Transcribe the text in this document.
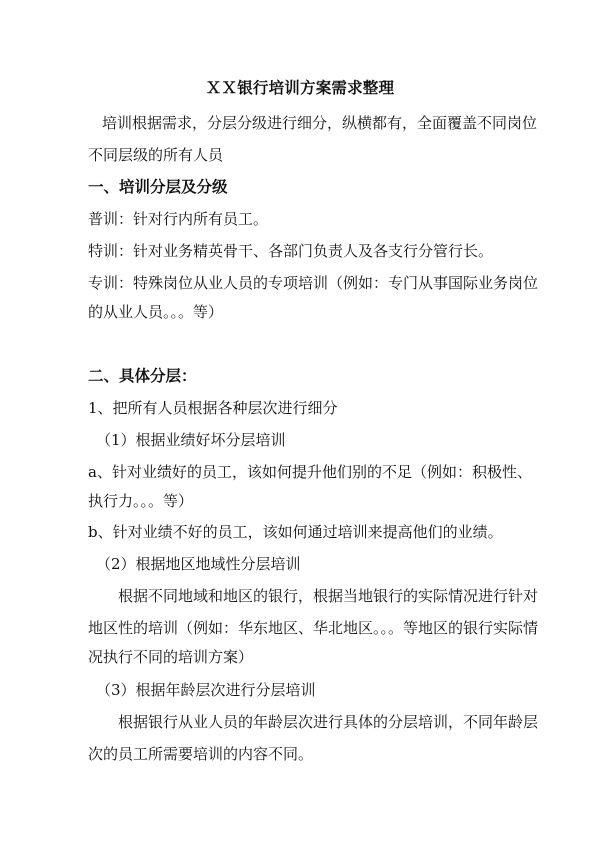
ＸＸ银行培训方案需求整理
培训根据需求，分层分级进行细分，纵横都有，全面覆盖不同岗位
不同层级的所有人员
一、培训分层及分级
普训：针对行内所有员工。
特训：针对业务精英骨干、各部门负责人及各支行分管行长。
专训：特殊岗位从业人员的专项培训（例如：专门从事国际业务岗位
的从业人员。。。等）
二、具体分层：
1、把所有人员根据各种层次进行细分
（1）根据业绩好坏分层培训
a、针对业绩好的员工，该如何提升他们别的不足（例如：积极性、
执行力。。。等）
b、针对业绩不好的员工，该如何通过培训来提高他们的业绩。
（2）根据地区地域性分层培训
根据不同地域和地区的银行，根据当地银行的实际情况进行针对
地区性的培训（例如：华东地区、华北地区。。。等地区的银行实际情
况执行不同的培训方案）
（3）根据年龄层次进行分层培训
根据银行从业人员的年龄层次进行具体的分层培训，不同年龄层
次的员工所需要培训的内容不同。
